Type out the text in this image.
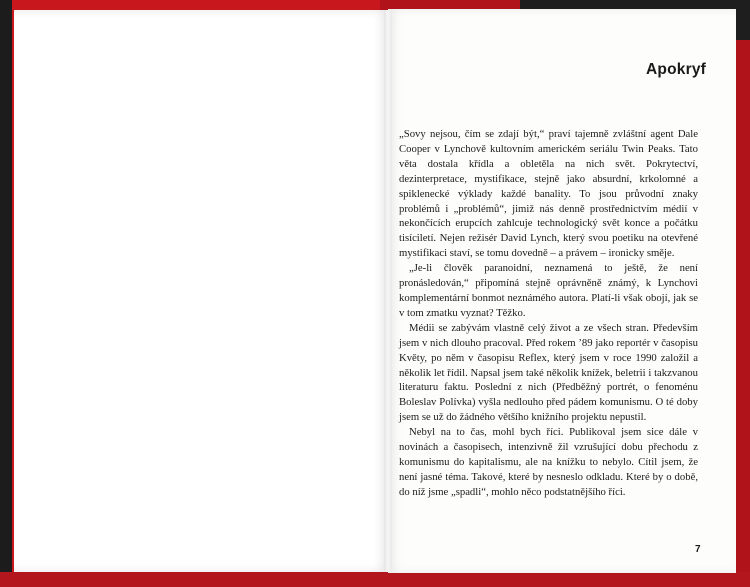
Apokryf

„Sovy nejsou, čím se zdají být,“ praví tajemně zvláštní agent Dale Cooper v Lynchově kultovním americkém seriálu Twin Peaks. Tato věta dostala křídla a obletěla na nich svět. Pokrytectví, dezinterpretace, mystifikace, stejně jako absurdní, krkolomné a spiklenecké výklady každé banality. To jsou průvodní znaky problémů i „problémů“, jimiž nás denně prostřednictvím médií v nekončících erupcích zahlcuje technologický svět konce a počátku tisíciletí. Nejen režisér David Lynch, který svou poetiku na otevřené mystifikaci staví, se tomu dovedně – a právem – ironicky směje.

„Je-li člověk paranoidní, neznamená to ještě, že není pronásledován,“ připomíná stejně oprávněně známý, k Lynchovi komplementární bonmot neznámého autora. Platí-li však obojí, jak se v tom zmatku vyznat? Těžko.

Médii se zabývám vlastně celý život a ze všech stran. Především jsem v nich dlouho pracoval. Před rokem ’89 jako reportér v časopisu Květy, po něm v časopisu Reflex, který jsem v roce 1990 založil a několik let řídil. Napsal jsem také několik knížek, beletrii i takzvanou literaturu faktu. Poslední z nich (Předběžný portrét, o fenoménu Boleslav Polívka) vyšla nedlouho před pádem komunismu. O té doby jsem se už do žádného většího knižního projektu nepustil.

Nebyl na to čas, mohl bych říci. Publikoval jsem sice dále v novinách a časopisech, intenzivně žil vzrušující dobu přechodu z komunismu do kapitalismu, ale na knížku to nebylo. Cítil jsem, že není jasné téma. Takové, které by nesneslo odkladu. Které by o době, do níž jsme „spadli“, mohlo něco podstatnějšího říci.

7
